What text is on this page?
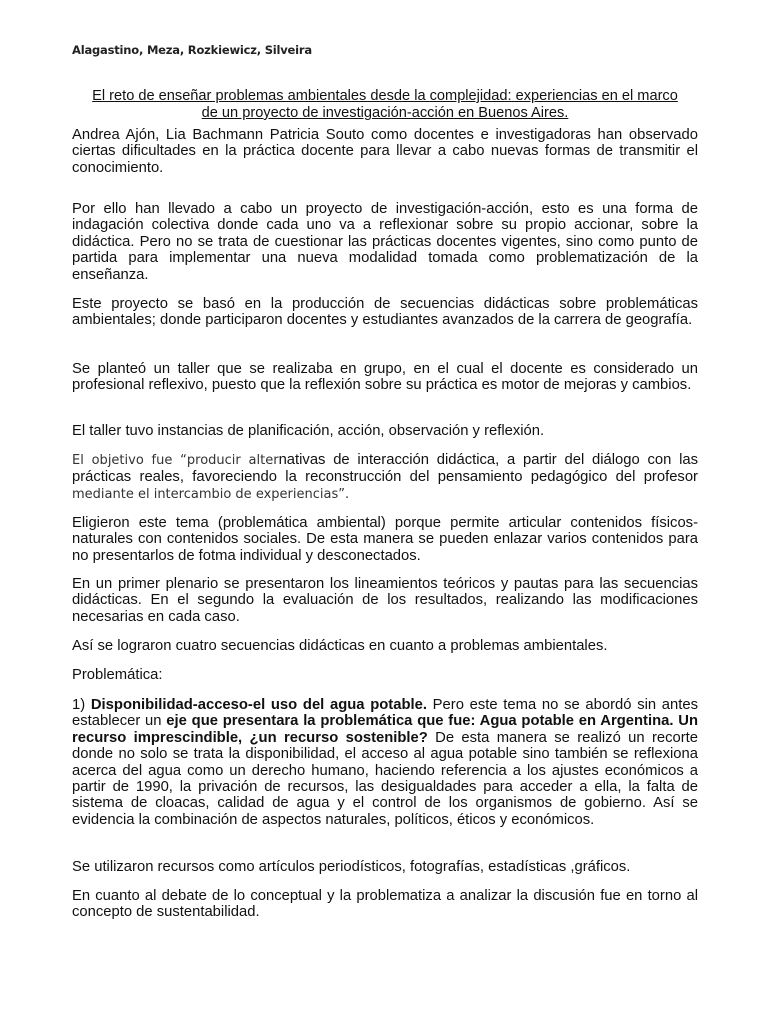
Alagastino, Meza, Rozkiewicz, Silveira
El reto de enseñar problemas ambientales desde la complejidad: experiencias en el marco
de un proyecto de investigación-acción en Buenos Aires.

Andrea Ajón, Lia Bachmann Patricia Souto como docentes e investigadoras han observado ciertas dificultades en la práctica docente para llevar a cabo nuevas formas de transmitir el conocimiento.

Por ello han llevado a cabo un proyecto de investigación-acción, esto es una forma de indagación colectiva donde cada uno va a reflexionar sobre su propio accionar, sobre la didáctica. Pero no se trata de cuestionar las prácticas docentes vigentes, sino como punto de partida para implementar una nueva modalidad tomada como problematización de la enseñanza.

Este proyecto se basó en la producción de secuencias didácticas sobre problemáticas ambientales; donde participaron docentes y estudiantes avanzados de la carrera de geografía.

Se planteó un taller que se realizaba en grupo, en el cual el docente es considerado un profesional reflexivo, puesto que la reflexión sobre su práctica es motor de mejoras y cambios.

El taller tuvo instancias de planificación, acción, observación y reflexión.

El objetivo fue “producir alternativas de interacción didáctica, a partir del diálogo con las prácticas reales, favoreciendo la reconstrucción del pensamiento pedagógico del profesor mediante el intercambio de experiencias”.

Eligieron este tema (problemática ambiental) porque permite articular contenidos físicos-naturales con contenidos sociales. De esta manera se pueden enlazar varios contenidos para no presentarlos de fotma individual y desconectados.

En un primer plenario se presentaron los lineamientos teóricos y pautas para las secuencias didácticas. En el segundo la evaluación de los resultados, realizando las modificaciones necesarias en cada caso.

Así se lograron cuatro secuencias didácticas en cuanto a problemas ambientales.

Problemática:

1) Disponibilidad-acceso-el uso del agua potable. Pero este tema no se abordó sin antes establecer un eje que presentara la problemática que fue: Agua potable en Argentina. Un recurso imprescindible, ¿un recurso sostenible? De esta manera se realizó un recorte donde no solo se trata la disponibilidad, el acceso al agua potable sino también se reflexiona acerca del agua como un derecho humano, haciendo referencia a los ajustes económicos a partir de 1990, la privación de recursos, las desigualdades para acceder a ella, la falta de sistema de cloacas, calidad de agua y el control de los organismos de gobierno. Así se evidencia la combinación de aspectos naturales, políticos, éticos y económicos.

Se utilizaron recursos como artículos periodísticos, fotografías, estadísticas ,gráficos.

En cuanto al debate de lo conceptual y la problematiza a analizar la discusión fue en torno al concepto de sustentabilidad.
